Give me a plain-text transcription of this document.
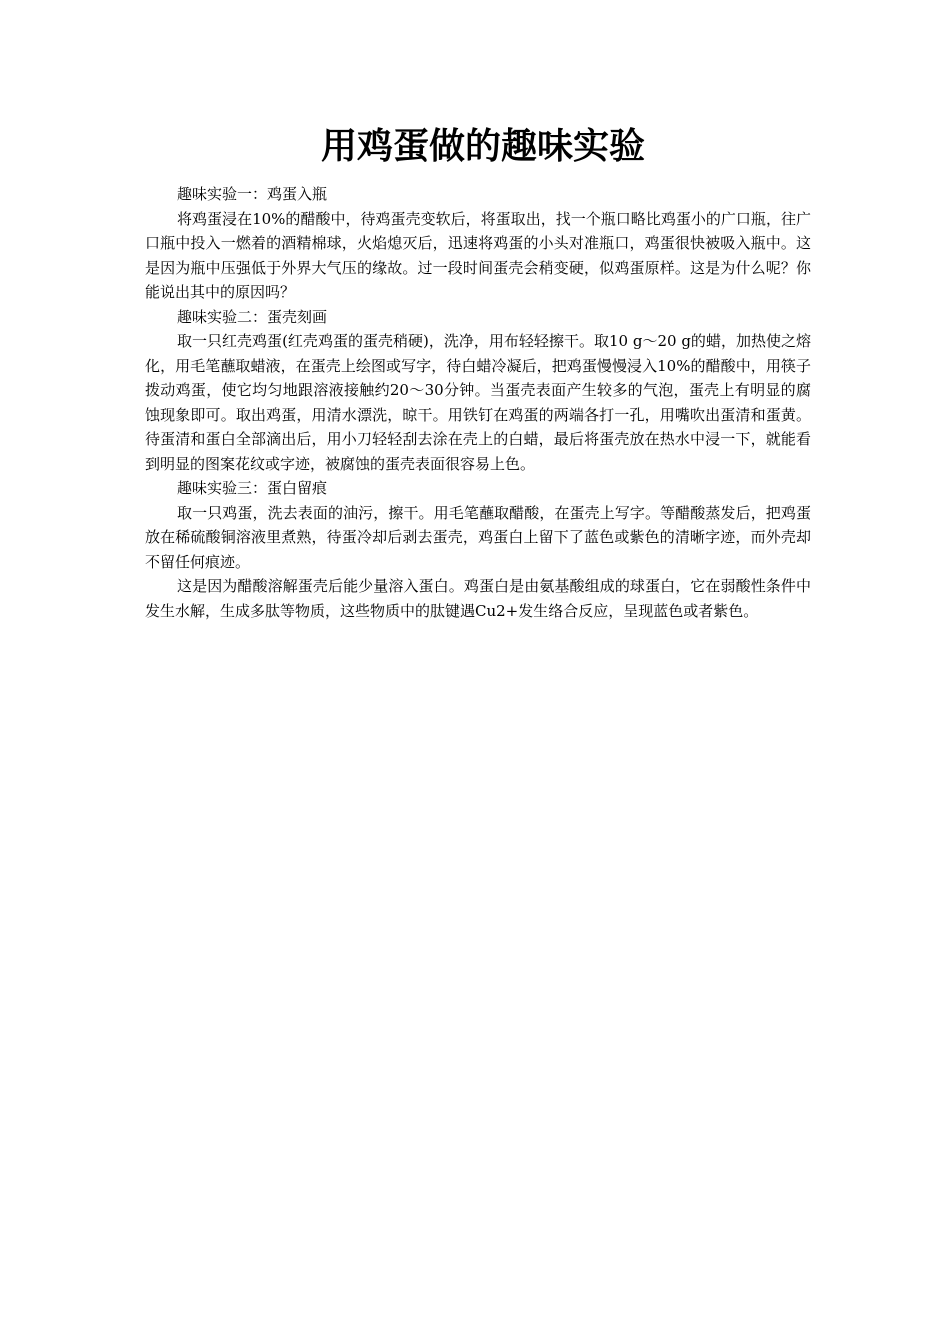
用鸡蛋做的趣味实验

趣味实验一：鸡蛋入瓶

将鸡蛋浸在10%的醋酸中，待鸡蛋壳变软后，将蛋取出，找一个瓶口略比鸡蛋小的广口瓶，往广口瓶中投入一燃着的酒精棉球，火焰熄灭后，迅速将鸡蛋的小头对准瓶口，鸡蛋很快被吸入瓶中。这是因为瓶中压强低于外界大气压的缘故。过一段时间蛋壳会稍变硬，似鸡蛋原样。这是为什么呢？你能说出其中的原因吗？

趣味实验二：蛋壳刻画

取一只红壳鸡蛋(红壳鸡蛋的蛋壳稍硬)，洗净，用布轻轻擦干。取10 g～20 g的蜡，加热使之熔化，用毛笔蘸取蜡液，在蛋壳上绘图或写字，待白蜡冷凝后，把鸡蛋慢慢浸入10%的醋酸中，用筷子拨动鸡蛋，使它均匀地跟溶液接触约20～30分钟。当蛋壳表面产生较多的气泡，蛋壳上有明显的腐蚀现象即可。取出鸡蛋，用清水漂洗，晾干。用铁钉在鸡蛋的两端各打一孔，用嘴吹出蛋清和蛋黄。待蛋清和蛋白全部滴出后，用小刀轻轻刮去涂在壳上的白蜡，最后将蛋壳放在热水中浸一下，就能看到明显的图案花纹或字迹，被腐蚀的蛋壳表面很容易上色。

趣味实验三：蛋白留痕

取一只鸡蛋，洗去表面的油污，擦干。用毛笔蘸取醋酸，在蛋壳上写字。等醋酸蒸发后，把鸡蛋放在稀硫酸铜溶液里煮熟，待蛋冷却后剥去蛋壳，鸡蛋白上留下了蓝色或紫色的清晰字迹，而外壳却不留任何痕迹。

这是因为醋酸溶解蛋壳后能少量溶入蛋白。鸡蛋白是由氨基酸组成的球蛋白，它在弱酸性条件中发生水解，生成多肽等物质，这些物质中的肽键遇Cu2+发生络合反应，呈现蓝色或者紫色。
